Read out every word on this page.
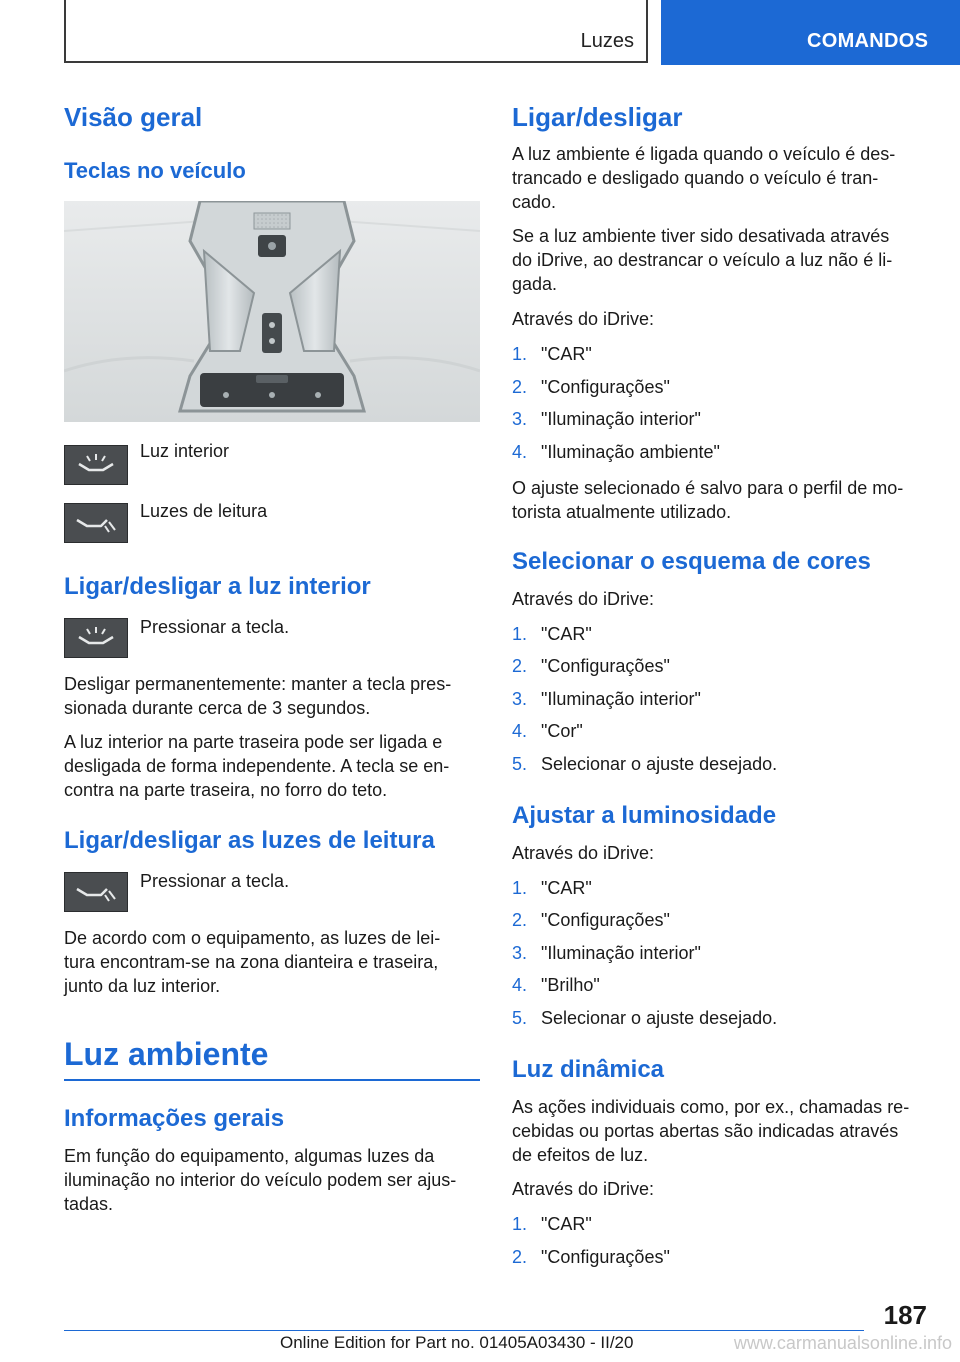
Luzes	COMANDOS
Visão geral
Teclas no veículo
Luz interior
Luzes de leitura
Ligar/desligar a luz interior
Pressionar a tecla.
Desligar permanentemente: manter a tecla pres-
sionada durante cerca de 3 segundos.
A luz interior na parte traseira pode ser ligada e
desligada de forma independente. A tecla se en-
contra na parte traseira, no forro do teto.
Ligar/desligar as luzes de leitura
Pressionar a tecla.
De acordo com o equipamento, as luzes de lei-
tura encontram-se na zona dianteira e traseira,
junto da luz interior.
Luz ambiente
Informações gerais
Em função do equipamento, algumas luzes da
iluminação no interior do veículo podem ser ajus-
tadas.
Ligar/desligar
A luz ambiente é ligada quando o veículo é des-
trancado e desligado quando o veículo é tran-
cado.
Se a luz ambiente tiver sido desativada através
do iDrive, ao destrancar o veículo a luz não é li-
gada.
Através do iDrive:
1. "CAR"
2. "Configurações"
3. "Iluminação interior"
4. "Iluminação ambiente"
O ajuste selecionado é salvo para o perfil de mo-
torista atualmente utilizado.
Selecionar o esquema de cores
Através do iDrive:
1. "CAR"
2. "Configurações"
3. "Iluminação interior"
4. "Cor"
5. Selecionar o ajuste desejado.
Ajustar a luminosidade
Através do iDrive:
1. "CAR"
2. "Configurações"
3. "Iluminação interior"
4. "Brilho"
5. Selecionar o ajuste desejado.
Luz dinâmica
As ações individuais como, por ex., chamadas re-
cebidas ou portas abertas são indicadas através
de efeitos de luz.
Através do iDrive:
1. "CAR"
2. "Configurações"
187
Online Edition for Part no. 01405A03430 - II/20	www.carmanualsonline.info
